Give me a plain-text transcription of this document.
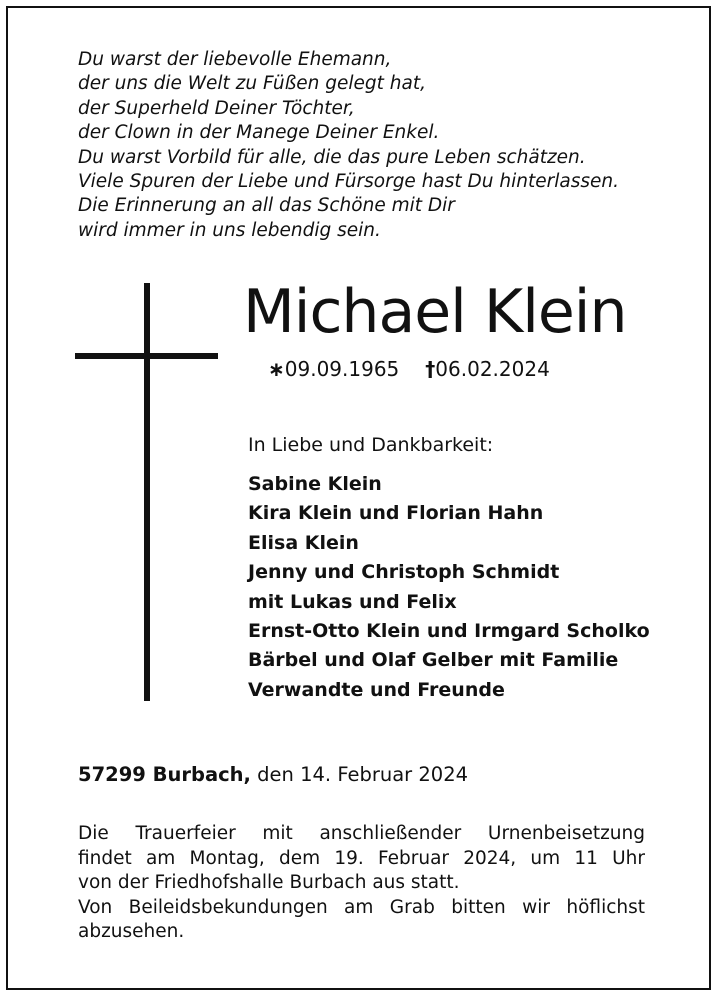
Du warst der liebevolle Ehemann,
der uns die Welt zu Füßen gelegt hat,
der Superheld Deiner Töchter,
der Clown in der Manege Deiner Enkel.
Du warst Vorbild für alle, die das pure Leben schätzen.
Viele Spuren der Liebe und Fürsorge hast Du hinterlassen.
Die Erinnerung an all das Schöne mit Dir
wird immer in uns lebendig sein.
Michael Klein
∗09.09.1965 †06.02.2024
In Liebe und Dankbarkeit:
Sabine Klein
Kira Klein und Florian Hahn
Elisa Klein
Jenny und Christoph Schmidt
mit Lukas und Felix
Ernst-Otto Klein und Irmgard Scholko
Bärbel und Olaf Gelber mit Familie
Verwandte und Freunde
57299 Burbach, den 14. Februar 2024
Die Trauerfeier mit anschließender Urnenbeisetzung
findet am Montag, dem 19. Februar 2024, um 11 Uhr
von der Friedhofshalle Burbach aus statt.
Von Beileidsbekundungen am Grab bitten wir höflichst
abzusehen.
